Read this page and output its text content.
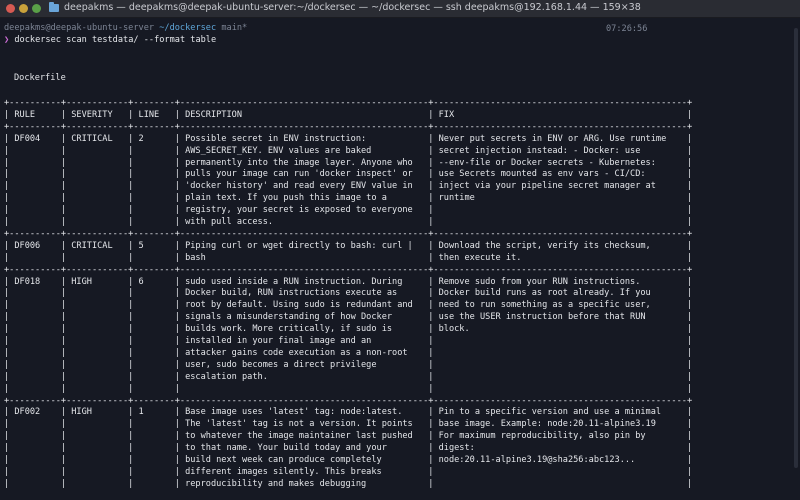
deepakms — deepakms@deepak-ubuntu-server:~/dockersec — ~/dockersec — ssh deepakms@192.168.1.44 — 159×38
deepakms@deepak-ubuntu-server ~/dockersec main*	07:26:56
❯ dockersec scan testdata/ --format table
Dockerfile
+----------+------------+--------+------------------------------------------------+-------------------------------------------------+
| RULE     | SEVERITY   | LINE   | DESCRIPTION                                    | FIX                                             |
+----------+------------+--------+------------------------------------------------+-------------------------------------------------+
| DF004    | CRITICAL   | 2      | Possible secret in ENV instruction:            | Never put secrets in ENV or ARG. Use runtime    |
|          |            |        | AWS_SECRET_KEY. ENV values are baked           | secret injection instead: - Docker: use         |
|          |            |        | permanently into the image layer. Anyone who   | --env-file or Docker secrets - Kubernetes:      |
|          |            |        | pulls your image can run 'docker inspect' or   | use Secrets mounted as env vars - CI/CD:        |
|          |            |        | 'docker history' and read every ENV value in   | inject via your pipeline secret manager at      |
|          |            |        | plain text. If you push this image to a        | runtime                                         |
|          |            |        | registry, your secret is exposed to everyone   |                                                 |
|          |            |        | with pull access.                              |                                                 |
+----------+------------+--------+------------------------------------------------+-------------------------------------------------+
| DF006    | CRITICAL   | 5      | Piping curl or wget directly to bash: curl |   | Download the script, verify its checksum,       |
|          |            |        | bash                                           | then execute it.                                |
+----------+------------+--------+------------------------------------------------+-------------------------------------------------+
| DF018    | HIGH       | 6      | sudo used inside a RUN instruction. During     | Remove sudo from your RUN instructions.         |
|          |            |        | Docker build, RUN instructions execute as      | Docker build runs as root already. If you       |
|          |            |        | root by default. Using sudo is redundant and   | need to run something as a specific user,       |
|          |            |        | signals a misunderstanding of how Docker       | use the USER instruction before that RUN        |
|          |            |        | builds work. More critically, if sudo is       | block.                                          |
|          |            |        | installed in your final image and an           |                                                 |
|          |            |        | attacker gains code execution as a non-root    |                                                 |
|          |            |        | user, sudo becomes a direct privilege          |                                                 |
|          |            |        | escalation path.                               |                                                 |
|          |            |        |                                                |                                                 |
+----------+------------+--------+------------------------------------------------+-------------------------------------------------+
| DF002    | HIGH       | 1      | Base image uses 'latest' tag: node:latest.     | Pin to a specific version and use a minimal     |
|          |            |        | The 'latest' tag is not a version. It points   | base image. Example: node:20.11-alpine3.19      |
|          |            |        | to whatever the image maintainer last pushed   | For maximum reproducibility, also pin by        |
|          |            |        | to that name. Your build today and your        | digest:                                         |
|          |            |        | build next week can produce completely         | node:20.11-alpine3.19@sha256:abc123...          |
|          |            |        | different images silently. This breaks         |                                                 |
|          |            |        | reproducibility and makes debugging            |                                                 |
